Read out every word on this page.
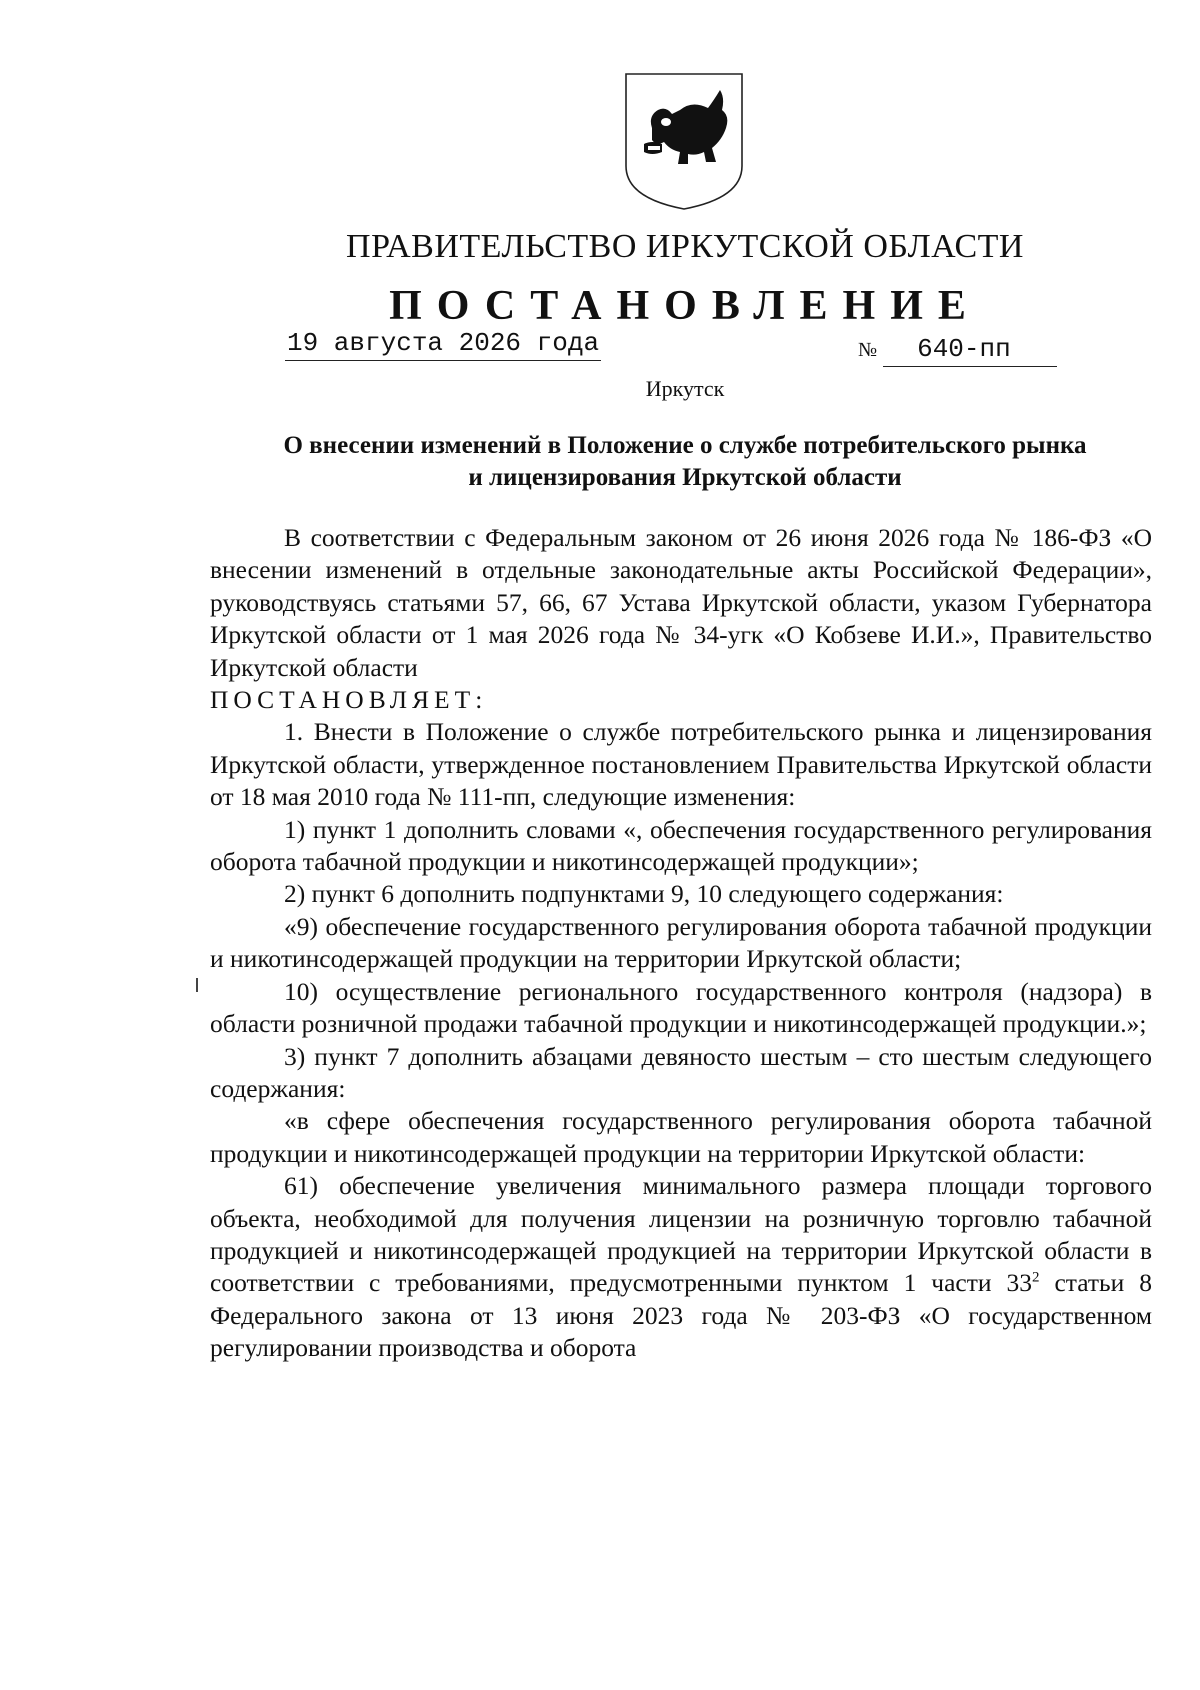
ПРАВИТЕЛЬСТВО ИРКУТСКОЙ ОБЛАСТИ
ПОСТАНОВЛЕНИЕ
19 августа 2026 года	№ 640-пп
Иркутск
О внесении изменений в Положение о службе потребительского рынка
и лицензирования Иркутской области

В соответствии с Федеральным законом от 26 июня 2026 года № 186-ФЗ «О внесении изменений в отдельные законодательные акты Российской Федерации», руководствуясь статьями 57, 66, 67 Устава Иркутской области, указом Губернатора Иркутской области от 1 мая 2026 года № 34-угк «О Кобзеве И.И.», Правительство Иркутской области

ПОСТАНОВЛЯЕТ:

1. Внести в Положение о службе потребительского рынка и лицензирования Иркутской области, утвержденное постановлением Правительства Иркутской области от 18 мая 2010 года № 111-пп, следующие изменения:

1) пункт 1 дополнить словами «, обеспечения государственного регулирования оборота табачной продукции и никотинсодержащей продукции»;

2) пункт 6 дополнить подпунктами 9, 10 следующего содержания:

«9) обеспечение государственного регулирования оборота табачной продукции и никотинсодержащей продукции на территории Иркутской области;

10) осуществление регионального государственного контроля (надзора) в области розничной продажи табачной продукции и никотинсодержащей продукции.»;

3) пункт 7 дополнить абзацами девяносто шестым – сто шестым следующего содержания:

«в сфере обеспечения государственного регулирования оборота табачной продукции и никотинсодержащей продукции на территории Иркутской области:

61) обеспечение увеличения минимального размера площади торгового объекта, необходимой для получения лицензии на розничную торговлю табачной продукцией и никотинсодержащей продукцией на территории Иркутской области в соответствии с требованиями, предусмотренными пунктом 1 части $33^2$ статьи 8 Федерального закона от 13 июня 2023 года № 203-ФЗ «О государственном регулировании производства и оборота
